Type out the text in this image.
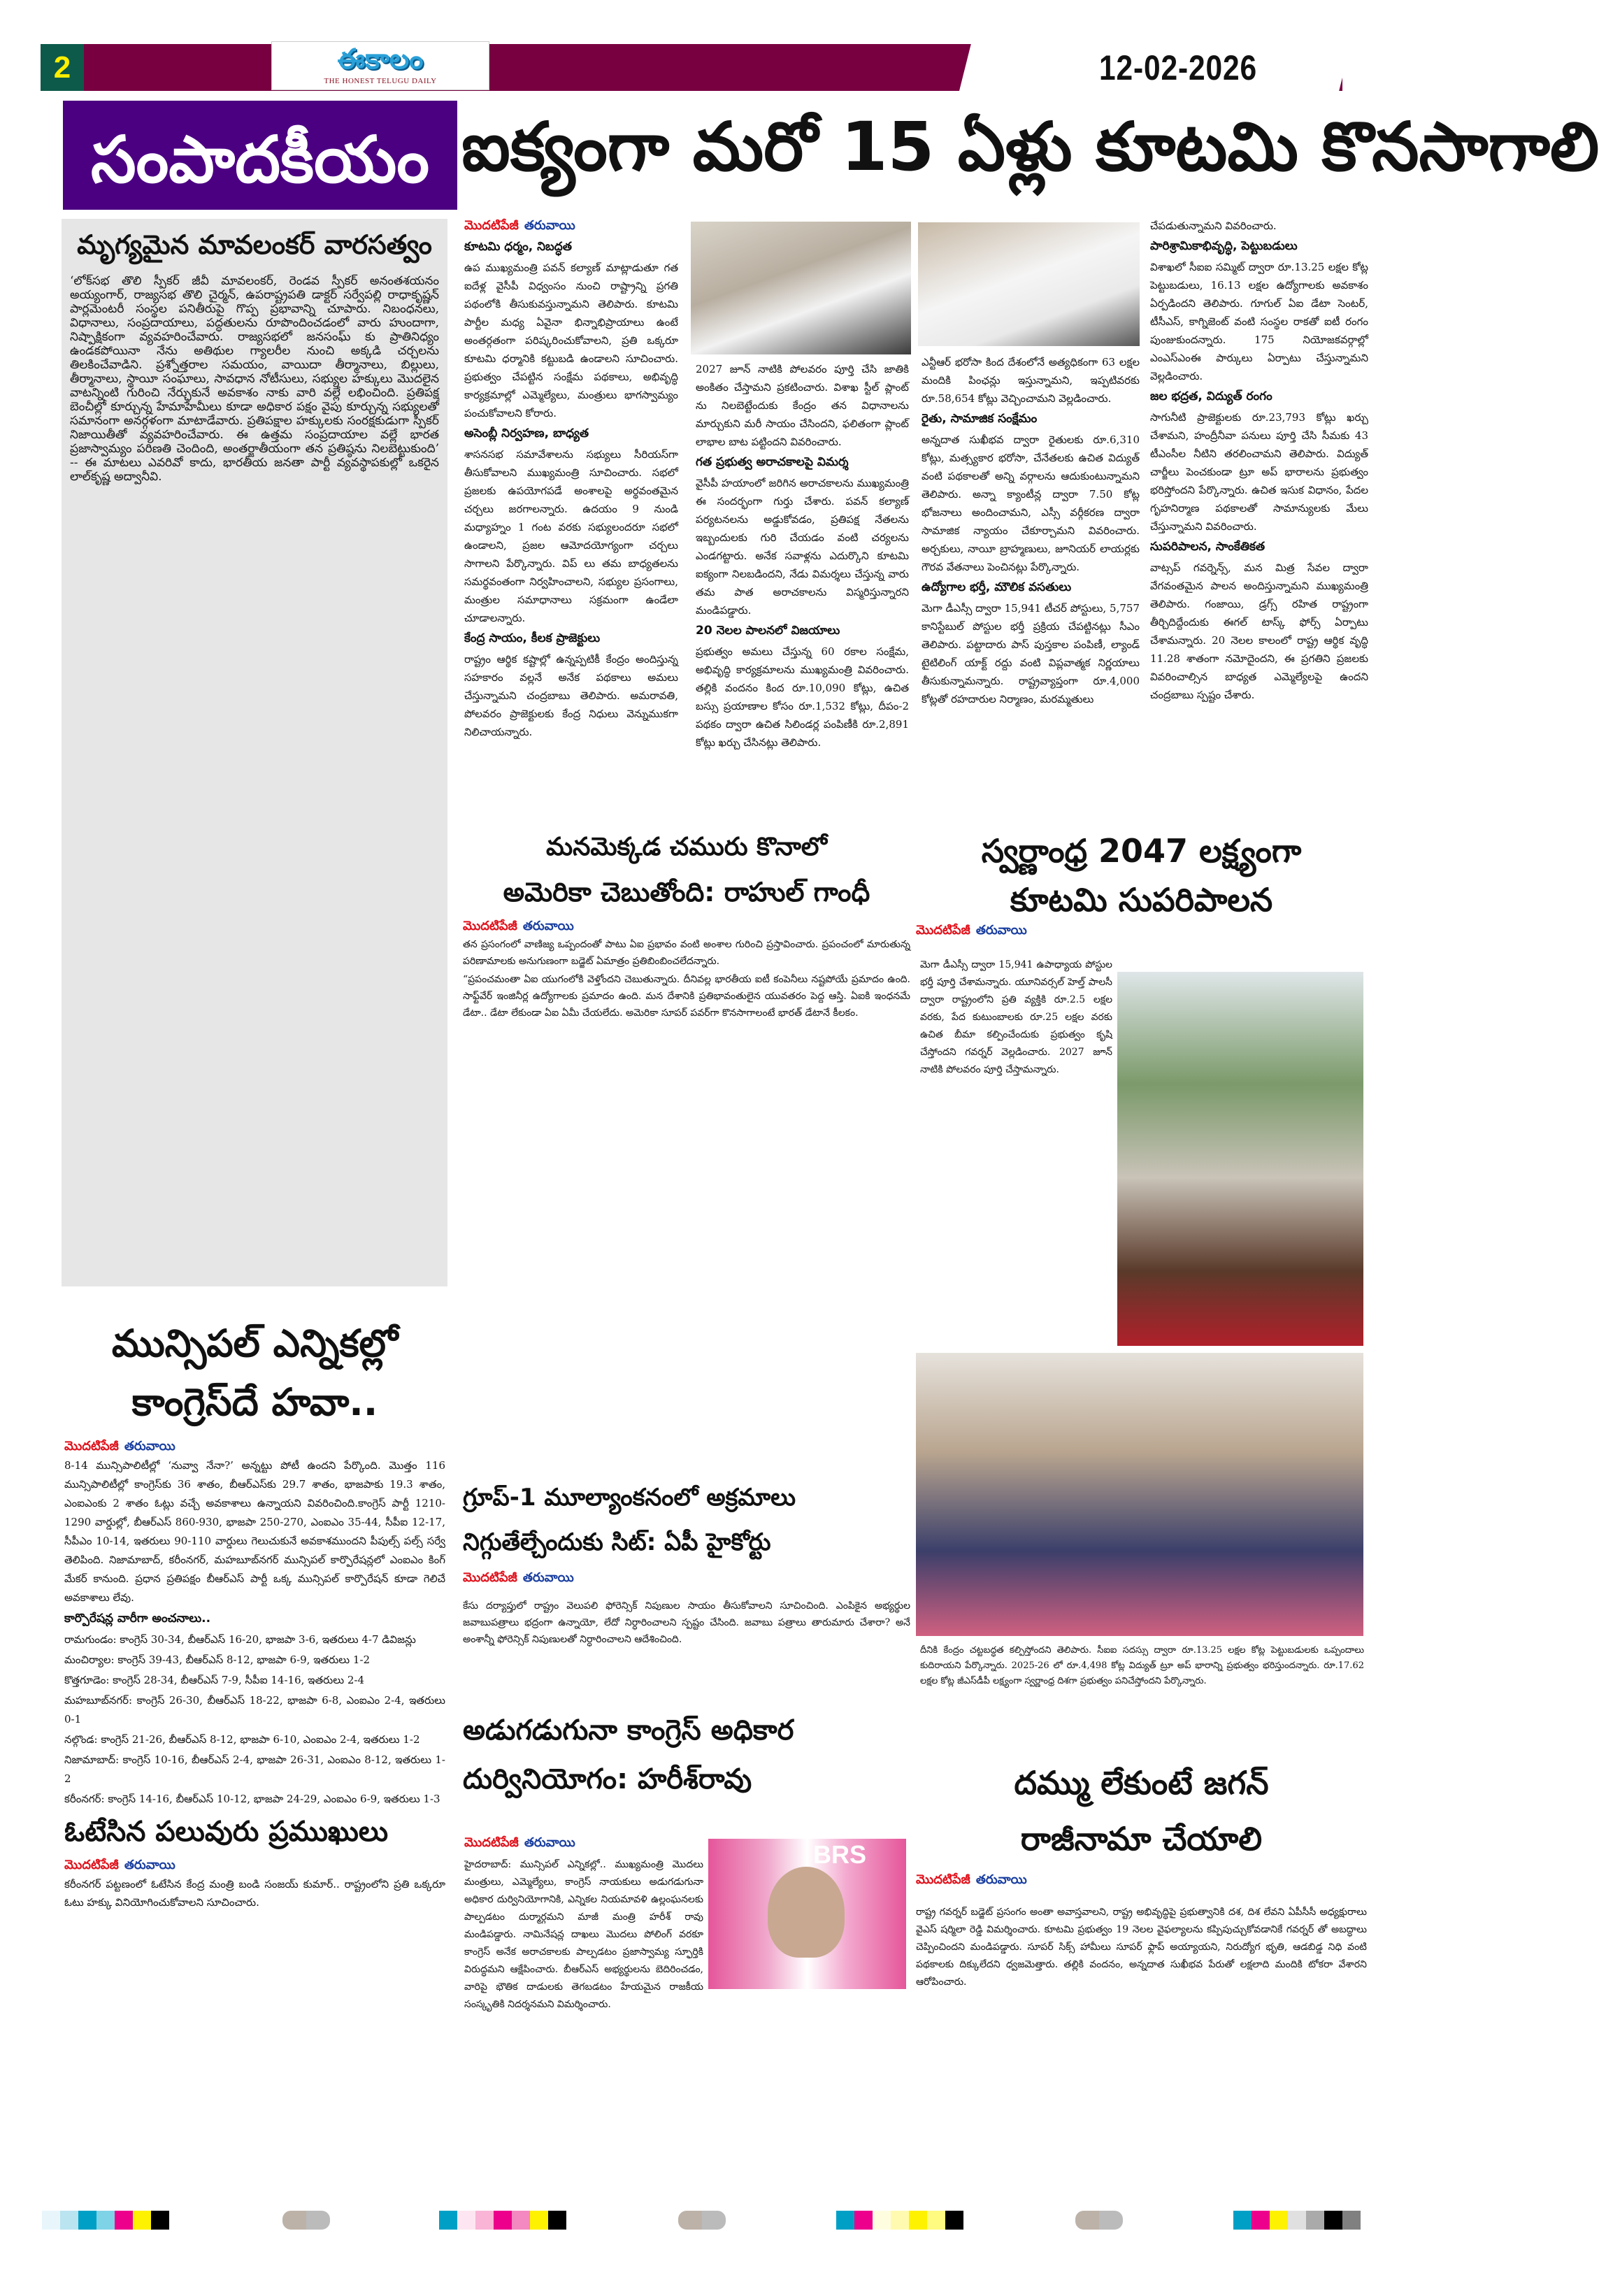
2	ఈకాలం
THE HONEST TELUGU DAILY	12-02-2026
సంపాదకీయం ఐక్యంగా మరో 15 ఏళ్లు కూటమి కొనసాగాలి
మృగ్యమైన మావలంకర్ వారసత్వం

‘లోక్‌సభ తొలి స్పీకర్ జీవీ మావలంకర్, రెండవ స్పీకర్ అనంతశయనం అయ్యంగార్, రాజ్యసభ తొలి చైర్మన్, ఉపరాష్ట్రపతి డాక్టర్ సర్వేపల్లి రాధాకృష్ణన్ పార్లమెంటరీ సంస్థల పనితీరుపై గొప్ప ప్రభావాన్ని చూపారు. నిబంధనలు, విధానాలు, సంప్రదాయాలు, పద్ధతులను రూపొందించడంలో వారు హుందాగా, నిష్పాక్షికంగా వ్యవహరించేవారు. రాజ్యసభలో జనసంఘ్ కు ప్రాతినిధ్యం ఉండకపోయినా నేను అతిథుల గ్యాలరీల నుంచి అక్కడి చర్చలను తిలకించేవాడిని. ప్రశ్నోత్తరాల సమయం, వాయిదా తీర్మానాలు, బిల్లులు, తీర్మానాలు, స్థాయీ సంఘాలు, సావధాన నోటీసులు, సభ్యుల హక్కులు మొదలైన వాటన్నింటి గురించి నేర్చుకునే అవకాశం నాకు వారి వల్లే లభించింది. ప్రతిపక్ష బెంచీల్లో కూర్చున్న హేమాహేమీలు కూడా అధికార పక్షం వైపు కూర్చున్న సభ్యులతో సమానంగా అనర్గళంగా మాటాడేవారు. ప్రతిపక్షాల హక్కులకు సంరక్షకుడుగా స్పీకర్ నిజాయితీతో వ్యవహరించేవారు. ఈ ఉత్తమ సంప్రదాయాల వల్లే భారత ప్రజాస్వామ్యం పరిణతి చెందింది, అంతర్జాతీయంగా తన ప్రతిష్ఠను నిలబెట్టుకుంది’ -- ఈ మాటలు ఎవరివో కాదు, భారతీయ జనతా పార్టీ వ్యవస్థాపకుల్లో ఒకరైన లాల్‌కృష్ణ అద్వానీవి.

మున్సిపల్ ఎన్నికల్లో కాంగ్రెస్‌దే హవా..
మొదటిపేజీ తరువాయి

8-14 మున్సిపాలిటీల్లో ‘నువ్వా నేనా?’ అన్నట్టు పోటీ ఉందని పేర్కొంది. మొత్తం 116 మున్సిపాలిటీల్లో కాంగ్రెస్‌కు 36 శాతం, బీఆర్ఎస్‌కు 29.7 శాతం, భాజపాకు 19.3 శాతం, ఎంఐఎంకు 2 శాతం ఓట్లు వచ్చే అవకాశాలు ఉన్నాయని వివరించింది.కాంగ్రెస్ పార్టీ 1210-1290 వార్డుల్లో, బీఆర్ఎస్ 860-930, భాజపా 250-270, ఎంఐఎం 35-44, సీపీఐ 12-17, సీపీఎం 10-14, ఇతరులు 90-110 వార్డులు గెలుచుకునే అవకాశముందని పీపుల్స్ పల్స్ సర్వే తెలిపింది. నిజామాబాద్, కరీంనగర్, మహబూబ్‌నగర్ మున్సిపల్ కార్పొరేషన్లలో ఎంఐఎం కింగ్ మేకర్ కానుంది. ప్రధాన ప్రతిపక్షం బీఆర్ఎస్ పార్టీ ఒక్క మున్సిపల్ కార్పొరేషన్ కూడా గెలిచే అవకాశాలు లేవు.

కార్పొరేషన్ల వారీగా అంచనాలు..

రామగుండం: కాంగ్రెస్ 30-34, బీఆర్ఎస్ 16-20, భాజపా 3-6, ఇతరులు 4-7 డివిజన్లు

మంచిర్యాల: కాంగ్రెస్ 39-43, బీఆర్ఎస్ 8-12, భాజపా 6-9, ఇతరులు 1-2

కొత్తగూడెం: కాంగ్రెస్ 28-34, బీఆర్ఎస్ 7-9, సీపీఐ 14-16, ఇతరులు 2-4

మహబూబ్‌నగర్: కాంగ్రెస్ 26-30, బీఆర్ఎస్ 18-22, భాజపా 6-8, ఎంఐఎం 2-4, ఇతరులు 0-1

నల్గొండ: కాంగ్రెస్ 21-26, బీఆర్ఎస్ 8-12, భాజపా 6-10, ఎంఐఎం 2-4, ఇతరులు 1-2

నిజామాబాద్: కాంగ్రెస్ 10-16, బీఆర్ఎస్ 2-4, భాజపా 26-31, ఎంఐఎం 8-12, ఇతరులు 1-2

కరీంనగర్: కాంగ్రెస్ 14-16, బీఆర్ఎస్ 10-12, భాజపా 24-29, ఎంఐఎం 6-9, ఇతరులు 1-3

ఓటేసిన పలువురు ప్రముఖులు
మొదటిపేజీ తరువాయి

కరీంనగర్ పట్టణంలో ఓటేసిన కేంద్ర మంత్రి బండి సంజయ్ కుమార్.. రాష్ట్రంలోని ప్రతి ఒక్కరూ ఓటు హక్కు వినియోగించుకోవాలని సూచించారు.

మొదటిపేజీ తరువాయి
కూటమి ధర్మం, నిబద్ధత

ఉప ముఖ్యమంత్రి పవన్ కల్యాణ్ మాట్లాడుతూ గత ఐదేళ్ల వైసీపీ విధ్వంసం నుంచి రాష్ట్రాన్ని ప్రగతి పథంలోకి తీసుకువస్తున్నామని తెలిపారు. కూటమి పార్టీల మధ్య ఏవైనా భిన్నాభిప్రాయాలు ఉంటే అంతర్గతంగా పరిష్కరించుకోవాలని, ప్రతి ఒక్కరూ కూటమి ధర్మానికి కట్టుబడి ఉండాలని సూచించారు. ప్రభుత్వం చేపట్టిన సంక్షేమ పథకాలు, అభివృద్ధి కార్యక్రమాల్లో ఎమ్మెల్యేలు, మంత్రులు భాగస్వామ్యం పంచుకోవాలని కోరారు.

అసెంబ్లీ నిర్వహణ, బాధ్యత

శాసనసభ సమావేశాలను సభ్యులు సీరియస్‌గా తీసుకోవాలని ముఖ్యమంత్రి సూచించారు. సభలో ప్రజలకు ఉపయోగపడే అంశాలపై అర్థవంతమైన చర్చలు జరగాలన్నారు. ఉదయం 9 నుండి మధ్యాహ్నం 1 గంట వరకు సభ్యులందరూ సభలో ఉండాలని, ప్రజల ఆమోదయోగ్యంగా చర్చలు సాగాలని పేర్కొన్నారు. విప్ లు తమ బాధ్యతలను సమర్థవంతంగా నిర్వహించాలని, సభ్యుల ప్రసంగాలు, మంత్రుల సమాధానాలు సక్రమంగా ఉండేలా చూడాలన్నారు.

కేంద్ర సాయం, కీలక ప్రాజెక్టులు

రాష్ట్రం ఆర్థిక కష్టాల్లో ఉన్నప్పటికీ కేంద్రం అందిస్తున్న సహకారం వల్లనే అనేక పథకాలు అమలు చేస్తున్నామని చంద్రబాబు తెలిపారు. అమరావతి, పోలవరం ప్రాజెక్టులకు కేంద్ర నిధులు వెన్నుముకగా నిలిచాయన్నారు.

2027 జూన్ నాటికి పోలవరం పూర్తి చేసి జాతికి అంకితం చేస్తామని ప్రకటించారు. విశాఖ స్టీల్ ప్లాంట్ ను నిలబెట్టేందుకు కేంద్రం తన విధానాలను మార్చుకుని మరీ సాయం చేసిందని, ఫలితంగా ప్లాంట్ లాభాల బాట పట్టిందని వివరించారు.

గత ప్రభుత్వ అరాచకాలపై విమర్శ

వైసీపీ హయాంలో జరిగిన అరాచకాలను ముఖ్యమంత్రి ఈ సందర్భంగా గుర్తు చేశారు. పవన్ కల్యాణ్ పర్యటనలను అడ్డుకోవడం, ప్రతిపక్ష నేతలను ఇబ్బందులకు గురి చేయడం వంటి చర్యలను ఎండగట్టారు. అనేక సవాళ్లను ఎదుర్కొని కూటమి ఐక్యంగా నిలబడిందని, నేడు విమర్శలు చేస్తున్న వారు తమ పాత అరాచకాలను విస్మరిస్తున్నారని మండిపడ్డారు.

20 నెలల పాలనలో విజయాలు

ప్రభుత్వం అమలు చేస్తున్న 60 రకాల సంక్షేమ, అభివృద్ధి కార్యక్రమాలను ముఖ్యమంత్రి వివరించారు. తల్లికి వందనం కింద రూ.10,090 కోట్లు, ఉచిత బస్సు ప్రయాణాల కోసం రూ.1,532 కోట్లు, దీపం-2 పథకం ద్వారా ఉచిత సిలిండర్ల పంపిణీకి రూ.2,891 కోట్లు ఖర్చు చేసినట్లు తెలిపారు.

ఎన్టీఆర్ భరోసా కింద దేశంలోనే అత్యధికంగా 63 లక్షల మందికి పింఛన్లు ఇస్తున్నామని, ఇప్పటివరకు రూ.58,654 కోట్లు వెచ్చించామని వెల్లడించారు.

రైతు, సామాజిక సంక్షేమం

అన్నదాత సుఖీభవ ద్వారా రైతులకు రూ.6,310 కోట్లు, మత్స్యకార భరోసా, చేనేతలకు ఉచిత విద్యుత్ వంటి పథకాలతో అన్ని వర్గాలను ఆదుకుంటున్నామని తెలిపారు. అన్నా క్యాంటీన్ల ద్వారా 7.50 కోట్ల భోజనాలు అందించామని, ఎస్సీ వర్గీకరణ ద్వారా సామాజిక న్యాయం చేకూర్చామని వివరించారు. అర్చకులు, నాయీ బ్రాహ్మణులు, జూనియర్ లాయర్లకు గౌరవ వేతనాలు పెంచినట్లు పేర్కొన్నారు.

ఉద్యోగాల భర్తీ, మౌలిక వసతులు

మెగా డీఎస్సీ ద్వారా 15,941 టీచర్ పోస్టులు, 5,757 కానిస్టేబుల్ పోస్టుల భర్తీ ప్రక్రియ చేపట్టినట్లు సీఎం తెలిపారు. పట్టాదారు పాస్ పుస్తకాల పంపిణీ, ల్యాండ్ టైటిలింగ్ యాక్ట్ రద్దు వంటి విప్లవాత్మక నిర్ణయాలు తీసుకున్నామన్నారు. రాష్ట్రవ్యాప్తంగా రూ.4,000 కోట్లతో రహదారుల నిర్మాణం, మరమ్మతులు

చేపడుతున్నామని వివరించారు.

పారిశ్రామికాభివృద్ధి, పెట్టుబడులు

విశాఖలో సీఐఐ సమ్మిట్ ద్వారా రూ.13.25 లక్షల కోట్ల పెట్టుబడులు, 16.13 లక్షల ఉద్యోగాలకు అవకాశం ఏర్పడిందని తెలిపారు. గూగుల్ ఏఐ డేటా సెంటర్, టీసీఎస్, కాగ్నిజెంట్ వంటి సంస్థల రాకతో ఐటీ రంగం పుంజుకుందన్నారు. 175 నియోజకవర్గాల్లో ఎంఎస్ఎంఈ పార్కులు ఏర్పాటు చేస్తున్నామని వెల్లడించారు.

జల భద్రత, విద్యుత్ రంగం

సాగునీటి ప్రాజెక్టులకు రూ.23,793 కోట్లు ఖర్చు చేశామని, హంద్రీనీవా పనులు పూర్తి చేసి సీమకు 43 టీఎంసీల నీటిని తరలించామని తెలిపారు. విద్యుత్ చార్జీలు పెంచకుండా ట్రూ అప్ భారాలను ప్రభుత్వం భరిస్తోందని పేర్కొన్నారు. ఉచిత ఇసుక విధానం, పేదల గృహనిర్మాణ పథకాలతో సామాన్యులకు మేలు చేస్తున్నామని వివరించారు.

సుపరిపాలన, సాంకేతికత

వాట్సప్ గవర్నెన్స్, మన మిత్ర సేవల ద్వారా వేగవంతమైన పాలన అందిస్తున్నామని ముఖ్యమంత్రి తెలిపారు. గంజాయి, డ్రగ్స్ రహిత రాష్ట్రంగా తీర్చిదిద్దేందుకు ఈగల్ టాస్క్ ఫోర్స్ ఏర్పాటు చేశామన్నారు. 20 నెలల కాలంలో రాష్ట్ర ఆర్థిక వృద్ధి 11.28 శాతంగా నమోదైందని, ఈ ప్రగతిని ప్రజలకు వివరించాల్సిన బాధ్యత ఎమ్మెల్యేలపై ఉందని చంద్రబాబు స్పష్టం చేశారు.

మనమెక్కడ చమురు కొనాలో
అమెరికా చెబుతోంది: రాహుల్ గాంధీ
మొదటిపేజీ తరువాయి

తన ప్రసంగంలో వాణిజ్య ఒప్పందంతో పాటు ఏఐ ప్రభావం వంటి అంశాల గురించి ప్రస్తావించారు. ప్రపంచంలో మారుతున్న పరిణామాలకు అనుగుణంగా బడ్జెట్ ఏమాత్రం ప్రతిబింబించలేదన్నారు.

“ప్రపంచమంతా ఏఐ యుగంలోకి వెళ్తోందని చెబుతున్నారు. దీనివల్ల భారతీయ ఐటీ కంపెనీలు నష్టపోయే ప్రమాదం ఉంది. సాఫ్ట్‌వేర్ ఇంజినీర్ల ఉద్యోగాలకు ప్రమాదం ఉంది. మన దేశానికి ప్రతిభావంతులైన యువతరం పెద్ద ఆస్తి. ఏఐకి ఇంధనమే డేటా.. డేటా లేకుండా ఏఐ ఏమీ చేయలేదు. అమెరికా సూపర్ పవర్‌గా కొనసాగాలంటే భారత్ డేటానే కీలకం.

గ్రూప్-1 మూల్యాంకనంలో అక్రమాలు
నిగ్గుతేల్చేందుకు సిట్: ఏపీ హైకోర్టు
మొదటిపేజీ తరువాయి

కేసు దర్యాప్తులో రాష్ట్రం వెలుపలి ఫోరెన్సిక్ నిపుణుల సాయం తీసుకోవాలని సూచించింది. ఎంపికైన అభ్యర్థుల జవాబుపత్రాలు భద్రంగా ఉన్నాయో, లేదో నిర్ధారించాలని స్పష్టం చేసింది. జవాబు పత్రాలు తారుమారు చేశారా? అనే అంశాన్నీ ఫోరెన్సిక్ నిపుణులతో నిర్ధారించాలని ఆదేశించింది.

అడుగడుగునా కాంగ్రెస్ అధికార
దుర్వినియోగం: హరీశ్‌రావు
BRS
మొదటిపేజీ తరువాయి

హైదరాబాద్: మున్సిపల్ ఎన్నికల్లో.. ముఖ్యమంత్రి మొదలు మంత్రులు, ఎమ్మెల్యేలు, కాంగ్రెస్ నాయకులు అడుగడుగునా అధికార దుర్వినియోగానికి, ఎన్నికల నియమావళి ఉల్లంఘనలకు పాల్పడటం దుర్మార్గమని మాజీ మంత్రి హరీశ్ రావు మండిపడ్డారు. నామినేషన్ల దాఖలు మొదలు పోలింగ్ వరకూ కాంగ్రెస్ అనేక అరాచకాలకు పాల్పడటం ప్రజాస్వామ్య స్ఫూర్తికి విరుద్ధమని ఆక్షేపించారు. బీఆర్ఎస్ అభ్యర్థులను బెదిరించడం, వారిపై భౌతిక దాడులకు తెగబడటం హేయమైన రాజకీయ సంస్కృతికి నిదర్శనమని విమర్శించారు.

స్వర్ణాంధ్ర 2047 లక్ష్యంగా
కూటమి సుపరిపాలన
మొదటిపేజీ తరువాయి

మెగా డీఎస్సీ ద్వారా 15,941 ఉపాధ్యాయ పోస్టుల భర్తీ పూర్తి చేశామన్నారు. యూనివర్సల్ హెల్త్ పాలసీ ద్వారా రాష్ట్రంలోని ప్రతి వ్యక్తికి రూ.2.5 లక్షల వరకు, పేద కుటుంబాలకు రూ.25 లక్షల వరకు ఉచిత బీమా కల్పించేందుకు ప్రభుత్వం కృషి చేస్తోందని గవర్నర్ వెల్లడించారు. 2027 జూన్ నాటికి పోలవరం పూర్తి చేస్తామన్నారు.

దీనికి కేంద్రం చట్టబద్ధత కల్పిస్తోందని తెలిపారు. సీఐఐ సదస్సు ద్వారా రూ.13.25 లక్షల కోట్ల పెట్టుబడులకు ఒప్పందాలు కుదిరాయని పేర్కొన్నారు. 2025-26 లో రూ.4,498 కోట్ల విద్యుత్ ట్రూ అప్ భారాన్ని ప్రభుత్వం భరిస్తుందన్నారు. రూ.17.62 లక్షల కోట్ల జీఎస్‌డీపీ లక్ష్యంగా స్వర్ణాంధ్ర దిశగా ప్రభుత్వం పనిచేస్తోందని పేర్కొన్నారు.

దమ్ము లేకుంటే జగన్
రాజీనామా చేయాలి
మొదటిపేజీ తరువాయి

రాష్ట్ర గవర్నర్ బడ్జెట్ ప్రసంగం అంతా అవాస్తవాలని, రాష్ట్ర అభివృద్ధిపై ప్రభుత్వానికి దశ, దిశ లేవని ఏపీసీసీ అధ్యక్షురాలు వైఎస్ షర్మిలా రెడ్డి విమర్శించారు. కూటమి ప్రభుత్వం 19 నెలల వైఫల్యాలను కప్పిపుచ్చుకోవడానికే గవర్నర్ తో అబద్ధాలు చెప్పించిందని మండిపడ్డారు. సూపర్ సిక్స్ హామీలు సూపర్ ఫ్లాప్ అయ్యాయని, నిరుద్యోగ భృతి, ఆడబిడ్డ నిధి వంటి పథకాలకు దిక్కులేదని ధ్వజమెత్తారు. తల్లికి వందనం, అన్నదాత సుఖీభవ పేరుతో లక్షలాది మందికి టోకరా వేశారని ఆరోపించారు.
